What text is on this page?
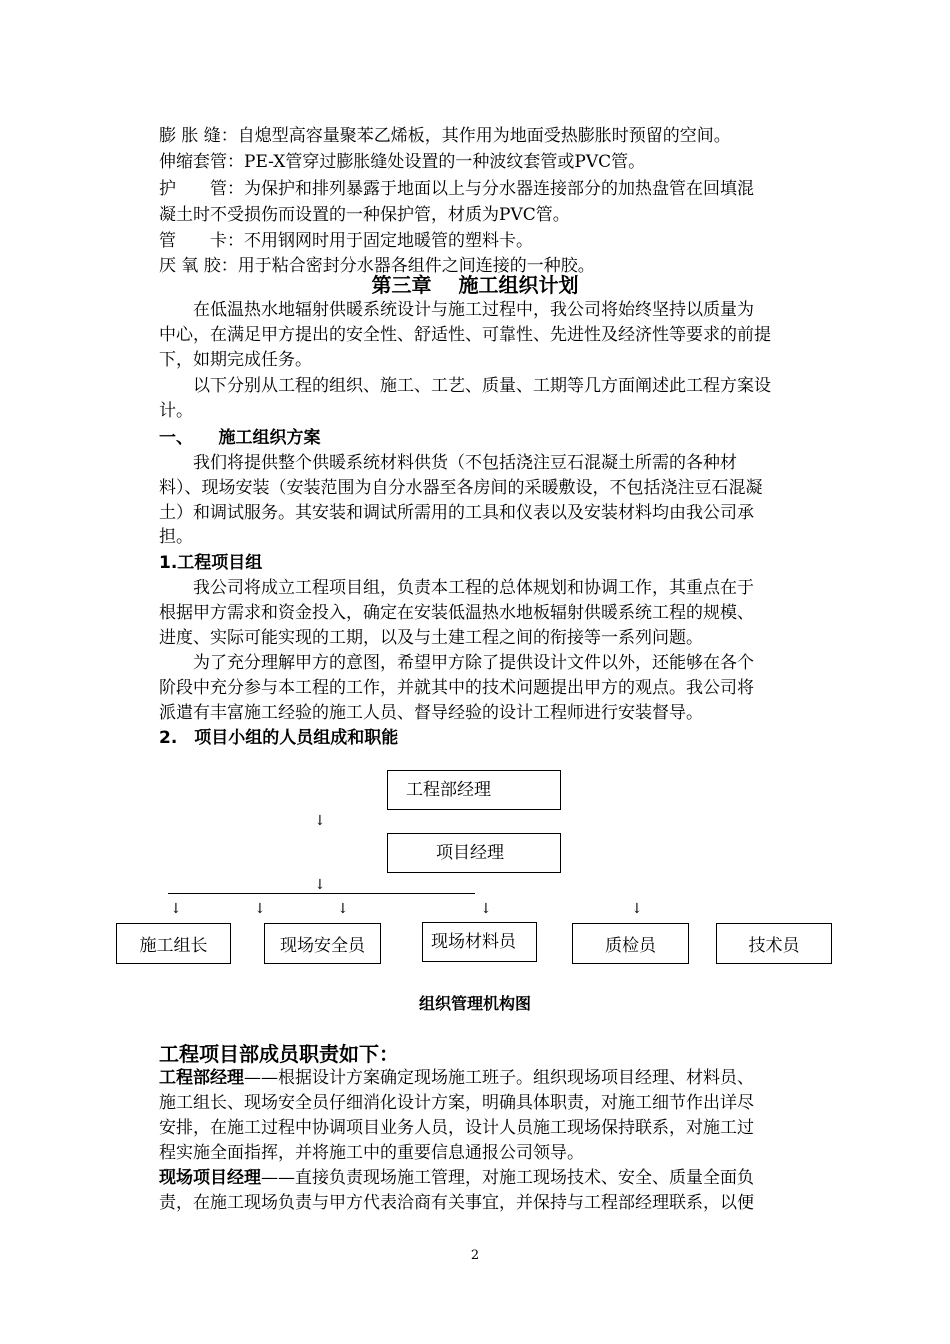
膨 胀 缝：自熄型高容量聚苯乙烯板，其作用为地面受热膨胀时预留的空间。
伸缩套管：PE-X管穿过膨胀缝处设置的一种波纹套管或PVC管。
护　　管：为保护和排列暴露于地面以上与分水器连接部分的加热盘管在回填混
凝土时不受损伤而设置的一种保护管，材质为PVC管。
管　　卡：不用钢网时用于固定地暖管的塑料卡。
厌 氧 胶：用于粘合密封分水器各组件之间连接的一种胶。
第三章　 施工组织计划
　　在低温热水地辐射供暖系统设计与施工过程中，我公司将始终坚持以质量为
中心，在满足甲方提出的安全性、舒适性、可靠性、先进性及经济性等要求的前提
下，如期完成任务。
　　以下分别从工程的组织、施工、工艺、质量、工期等几方面阐述此工程方案设
计。
一、　　施工组织方案
　　我们将提供整个供暖系统材料供货（不包括浇注豆石混凝土所需的各种材
料）、现场安装（安装范围为自分水器至各房间的采暖敷设，不包括浇注豆石混凝
土）和调试服务。其安装和调试所需用的工具和仪表以及安装材料均由我公司承
担。
1.工程项目组
　　我公司将成立工程项目组，负责本工程的总体规划和协调工作，其重点在于
根据甲方需求和资金投入，确定在安装低温热水地板辐射供暖系统工程的规模、
进度、实际可能实现的工期，以及与土建工程之间的衔接等一系列问题。
　　为了充分理解甲方的意图，希望甲方除了提供设计文件以外，还能够在各个
阶段中充分参与本工程的工作，并就其中的技术问题提出甲方的观点。我公司将
派遣有丰富施工经验的施工人员、督导经验的设计工程师进行安装督导。
2.　项目小组的人员组成和职能
工程部经理
↓
项目经理
↓
↓	↓	↓	↓	↓
施工组长	现场安全员	现场材料员	质检员	技术员
组织管理机构图
工程项目部成员职责如下：
工程部经理——根据设计方案确定现场施工班子。组织现场项目经理、材料员、
施工组长、现场安全员仔细消化设计方案，明确具体职责，对施工细节作出详尽
安排，在施工过程中协调项目业务人员，设计人员施工现场保持联系，对施工过
程实施全面指挥，并将施工中的重要信息通报公司领导。
现场项目经理——直接负责现场施工管理，对施工现场技术、安全、质量全面负
责，在施工现场负责与甲方代表洽商有关事宜，并保持与工程部经理联系，以便
2
